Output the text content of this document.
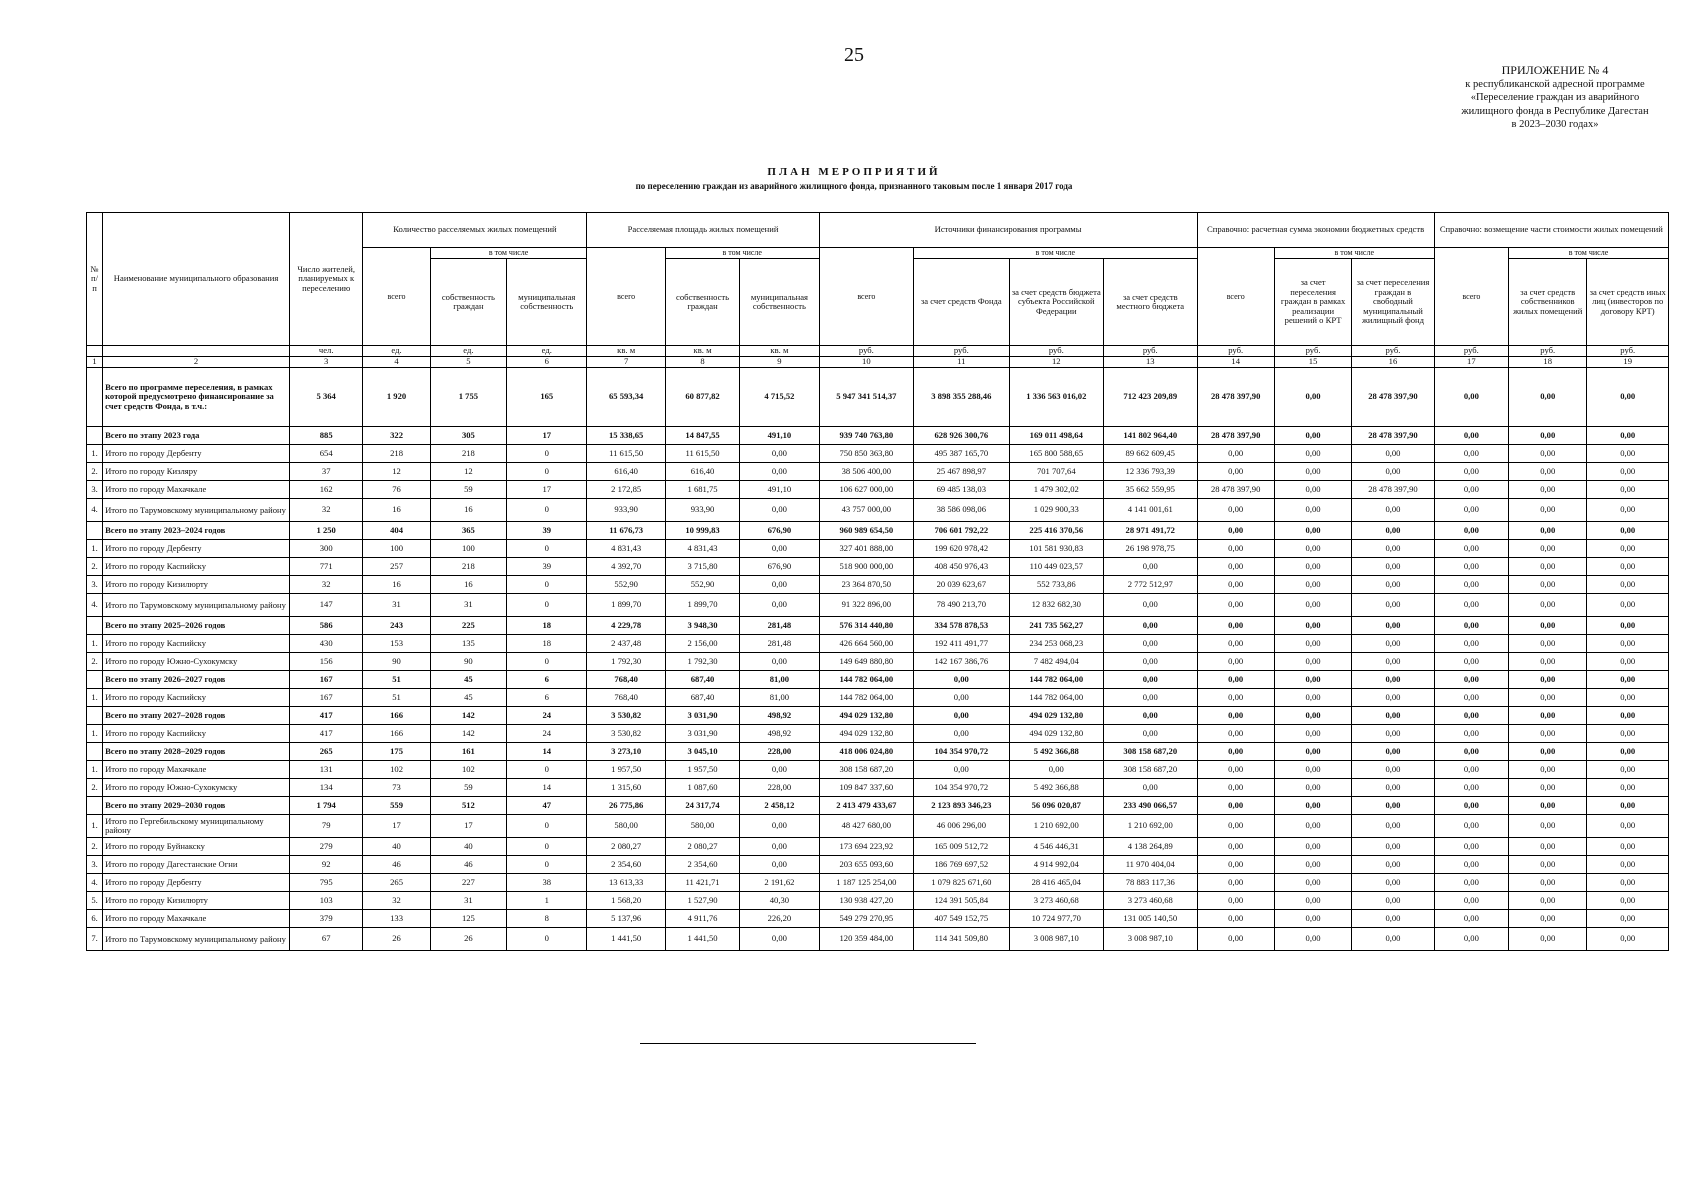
25
ПРИЛОЖЕНИЕ № 4
к республиканской адресной программе
«Переселение граждан из аварийного
жилищного фонда в Республике Дагестан
в 2023–2030 годах»
ПЛАН МЕРОПРИЯТИЙ
по переселению граждан из аварийного жилищного фонда, признанного таковым после 1 января 2017 года
№ п/п	Наименование муниципального образования	Число жителей, планируемых к переселению	Количество расселяемых жилых помещений			Расселяемая площадь жилых помещений			Источники финансирования программы				Справочно: расчетная сумма экономии бюджетных средств			Справочно: возмещение части стоимости жилых помещений		
			всего	в том числе		всего	в том числе		всего	в том числе			всего	в том числе		всего	в том числе	
				собственность граждан	муниципальная собственность		собственность граждан	муниципальная собственность		за счет средств Фонда	за счет средств бюджета субъекта Российской Федерации	за счет средств местного бюджета		за счет переселения граждан в рамках реализации решений о КРТ	за счет переселения граждан в свободный муниципальный жилищный фонд		за счет средств собственников жилых помещений	за счет средств иных лиц (инвесторов по договору КРТ)
		чел.	ед.	ед.	ед.	кв. м	кв. м	кв. м	руб.	руб.	руб.	руб.	руб.	руб.	руб.	руб.	руб.	руб.
1	2	3	4	5	6	7	8	9	10	11	12	13	14	15	16	17	18	19
	Всего по программе переселения, в рамках которой предусмотрено финансирование за счет средств Фонда, в т.ч.:	5 364	1 920	1 755	165	65 593,34	60 877,82	4 715,52	5 947 341 514,37	3 898 355 288,46	1 336 563 016,02	712 423 209,89	28 478 397,90	0,00	28 478 397,90	0,00	0,00	0,00
	Всего по этапу 2023 года	885	322	305	17	15 338,65	14 847,55	491,10	939 740 763,80	628 926 300,76	169 011 498,64	141 802 964,40	28 478 397,90	0,00	28 478 397,90	0,00	0,00	0,00
1.	Итого по городу Дербенту	654	218	218	0	11 615,50	11 615,50	0,00	750 850 363,80	495 387 165,70	165 800 588,65	89 662 609,45	0,00	0,00	0,00	0,00	0,00	0,00
2.	Итого по городу Кизляру	37	12	12	0	616,40	616,40	0,00	38 506 400,00	25 467 898,97	701 707,64	12 336 793,39	0,00	0,00	0,00	0,00	0,00	0,00
3.	Итого по городу Махачкале	162	76	59	17	2 172,85	1 681,75	491,10	106 627 000,00	69 485 138,03	1 479 302,02	35 662 559,95	28 478 397,90	0,00	28 478 397,90	0,00	0,00	0,00
4.	Итого по Тарумовскому муниципальному району	32	16	16	0	933,90	933,90	0,00	43 757 000,00	38 586 098,06	1 029 900,33	4 141 001,61	0,00	0,00	0,00	0,00	0,00	0,00
	Всего по этапу 2023–2024 годов	1 250	404	365	39	11 676,73	10 999,83	676,90	960 989 654,50	706 601 792,22	225 416 370,56	28 971 491,72	0,00	0,00	0,00	0,00	0,00	0,00
1.	Итого по городу Дербенту	300	100	100	0	4 831,43	4 831,43	0,00	327 401 888,00	199 620 978,42	101 581 930,83	26 198 978,75	0,00	0,00	0,00	0,00	0,00	0,00
2.	Итого по городу Каспийску	771	257	218	39	4 392,70	3 715,80	676,90	518 900 000,00	408 450 976,43	110 449 023,57	0,00	0,00	0,00	0,00	0,00	0,00	0,00
3.	Итого по городу Кизилюрту	32	16	16	0	552,90	552,90	0,00	23 364 870,50	20 039 623,67	552 733,86	2 772 512,97	0,00	0,00	0,00	0,00	0,00	0,00
4.	Итого по Тарумовскому муниципальному району	147	31	31	0	1 899,70	1 899,70	0,00	91 322 896,00	78 490 213,70	12 832 682,30	0,00	0,00	0,00	0,00	0,00	0,00	0,00
	Всего по этапу 2025–2026 годов	586	243	225	18	4 229,78	3 948,30	281,48	576 314 440,80	334 578 878,53	241 735 562,27	0,00	0,00	0,00	0,00	0,00	0,00	0,00
1.	Итого по городу Каспийску	430	153	135	18	2 437,48	2 156,00	281,48	426 664 560,00	192 411 491,77	234 253 068,23	0,00	0,00	0,00	0,00	0,00	0,00	0,00
2.	Итого по городу Южно-Сухокумску	156	90	90	0	1 792,30	1 792,30	0,00	149 649 880,80	142 167 386,76	7 482 494,04	0,00	0,00	0,00	0,00	0,00	0,00	0,00
	Всего по этапу 2026–2027 годов	167	51	45	6	768,40	687,40	81,00	144 782 064,00	0,00	144 782 064,00	0,00	0,00	0,00	0,00	0,00	0,00	0,00
1.	Итого по городу Каспийску	167	51	45	6	768,40	687,40	81,00	144 782 064,00	0,00	144 782 064,00	0,00	0,00	0,00	0,00	0,00	0,00	0,00
	Всего по этапу 2027–2028 годов	417	166	142	24	3 530,82	3 031,90	498,92	494 029 132,80	0,00	494 029 132,80	0,00	0,00	0,00	0,00	0,00	0,00	0,00
1.	Итого по городу Каспийску	417	166	142	24	3 530,82	3 031,90	498,92	494 029 132,80	0,00	494 029 132,80	0,00	0,00	0,00	0,00	0,00	0,00	0,00
	Всего по этапу 2028–2029 годов	265	175	161	14	3 273,10	3 045,10	228,00	418 006 024,80	104 354 970,72	5 492 366,88	308 158 687,20	0,00	0,00	0,00	0,00	0,00	0,00
1.	Итого по городу Махачкале	131	102	102	0	1 957,50	1 957,50	0,00	308 158 687,20	0,00	0,00	308 158 687,20	0,00	0,00	0,00	0,00	0,00	0,00
2.	Итого по городу Южно-Сухокумску	134	73	59	14	1 315,60	1 087,60	228,00	109 847 337,60	104 354 970,72	5 492 366,88	0,00	0,00	0,00	0,00	0,00	0,00	0,00
	Всего по этапу 2029–2030 годов	1 794	559	512	47	26 775,86	24 317,74	2 458,12	2 413 479 433,67	2 123 893 346,23	56 096 020,87	233 490 066,57	0,00	0,00	0,00	0,00	0,00	0,00
1.	Итого по Гергебильскому муниципальному району	79	17	17	0	580,00	580,00	0,00	48 427 680,00	46 006 296,00	1 210 692,00	1 210 692,00	0,00	0,00	0,00	0,00	0,00	0,00
2.	Итого по городу Буйнакску	279	40	40	0	2 080,27	2 080,27	0,00	173 694 223,92	165 009 512,72	4 546 446,31	4 138 264,89	0,00	0,00	0,00	0,00	0,00	0,00
3.	Итого по городу Дагестанские Огни	92	46	46	0	2 354,60	2 354,60	0,00	203 655 093,60	186 769 697,52	4 914 992,04	11 970 404,04	0,00	0,00	0,00	0,00	0,00	0,00
4.	Итого по городу Дербенту	795	265	227	38	13 613,33	11 421,71	2 191,62	1 187 125 254,00	1 079 825 671,60	28 416 465,04	78 883 117,36	0,00	0,00	0,00	0,00	0,00	0,00
5.	Итого по городу Кизилюрту	103	32	31	1	1 568,20	1 527,90	40,30	130 938 427,20	124 391 505,84	3 273 460,68	3 273 460,68	0,00	0,00	0,00	0,00	0,00	0,00
6.	Итого по городу Махачкале	379	133	125	8	5 137,96	4 911,76	226,20	549 279 270,95	407 549 152,75	10 724 977,70	131 005 140,50	0,00	0,00	0,00	0,00	0,00	0,00
7.	Итого по Тарумовскому муниципальному району	67	26	26	0	1 441,50	1 441,50	0,00	120 359 484,00	114 341 509,80	3 008 987,10	3 008 987,10	0,00	0,00	0,00	0,00	0,00	0,00
